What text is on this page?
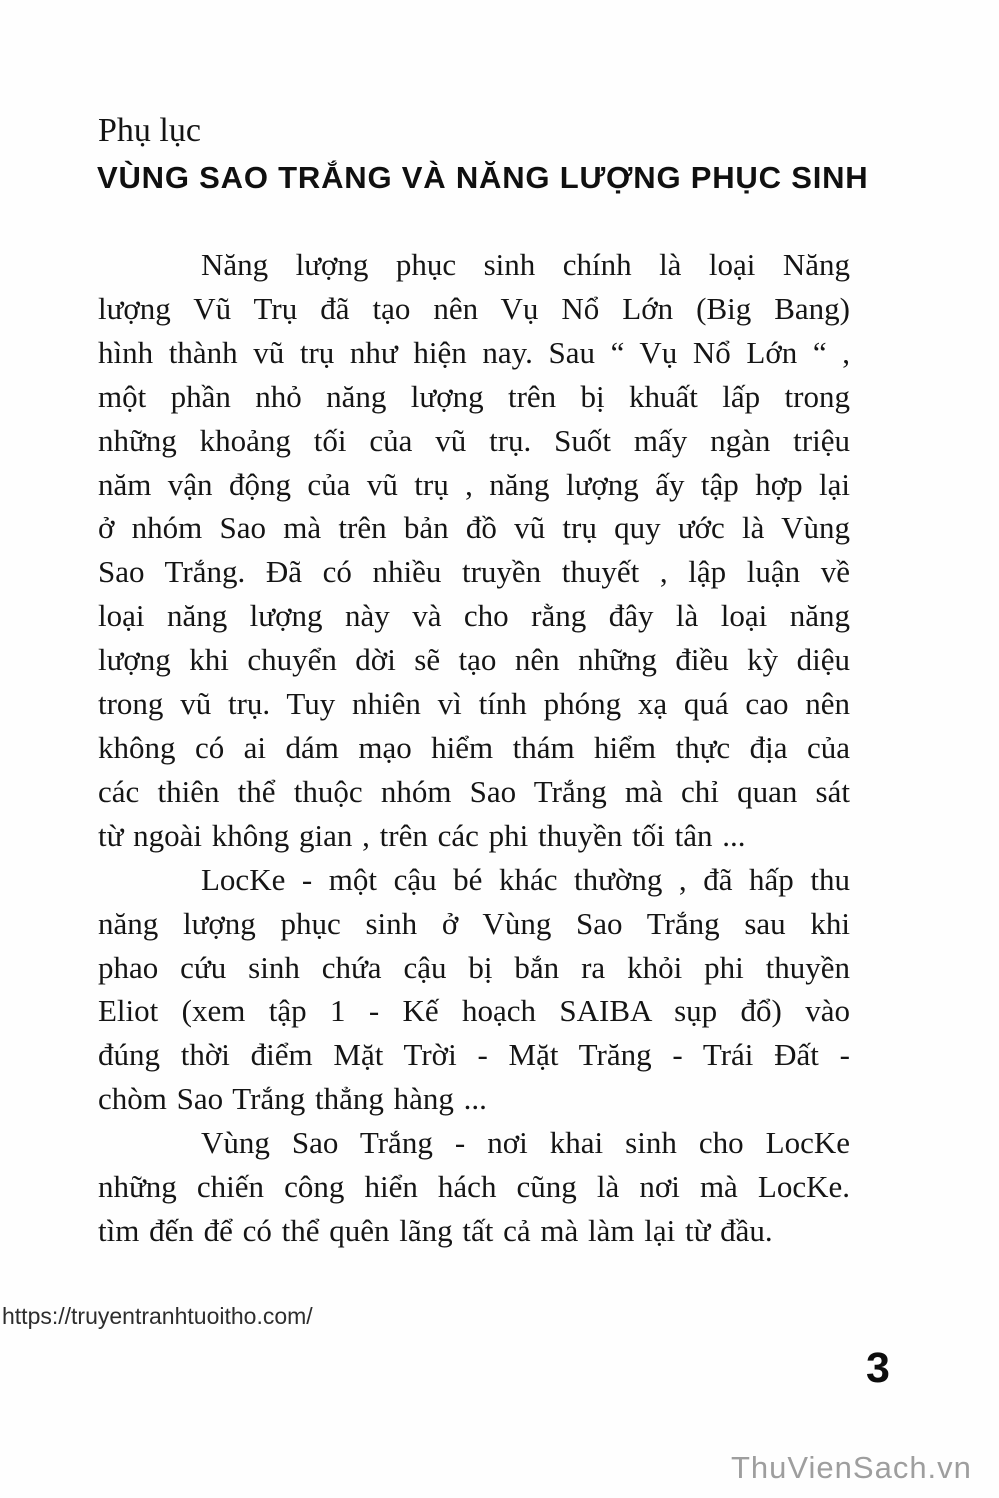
Phụ lục
VÙNG SAO TRẮNG VÀ NĂNG LƯỢNG PHỤC SINH
Năng lượng phục sinh chính là loại Năng
lượng Vũ Trụ đã tạo nên Vụ Nổ Lớn (Big Bang)
hình thành vũ trụ như hiện nay. Sau “ Vụ Nổ Lớn “ ,
một phần nhỏ năng lượng trên bị khuất lấp trong
những khoảng tối của vũ trụ. Suốt mấy ngàn triệu
năm vận động của vũ trụ , năng lượng ấy tập hợp lại
ở nhóm Sao mà trên bản đồ vũ trụ quy ước là Vùng
Sao Trắng. Đã có nhiều truyền thuyết , lập luận về
loại năng lượng này và cho rằng đây là loại năng
lượng khi chuyển dời sẽ tạo nên những điều kỳ diệu
trong vũ trụ. Tuy nhiên vì tính phóng xạ quá cao nên
không có ai dám mạo hiểm thám hiểm thực địa của
các thiên thể thuộc nhóm Sao Trắng mà chỉ quan sát
từ ngoài không gian , trên các phi thuyền tối tân ...
LocKe - một cậu bé khác thường , đã hấp thu
năng lượng phục sinh ở Vùng Sao Trắng sau khi
phao cứu sinh chứa cậu bị bắn ra khỏi phi thuyền
Eliot (xem tập 1 - Kế hoạch SAIBA sụp đổ) vào
đúng thời điểm Mặt Trời - Mặt Trăng - Trái Đất -
chòm Sao Trắng thẳng hàng ...
Vùng Sao Trắng - nơi khai sinh cho LocKe
những chiến công hiển hách cũng là nơi mà LocKe.
tìm đến để có thể quên lãng tất cả mà làm lại từ đầu.
https://truyentranhtuoitho.com/
3
ThuVienSach.vn
